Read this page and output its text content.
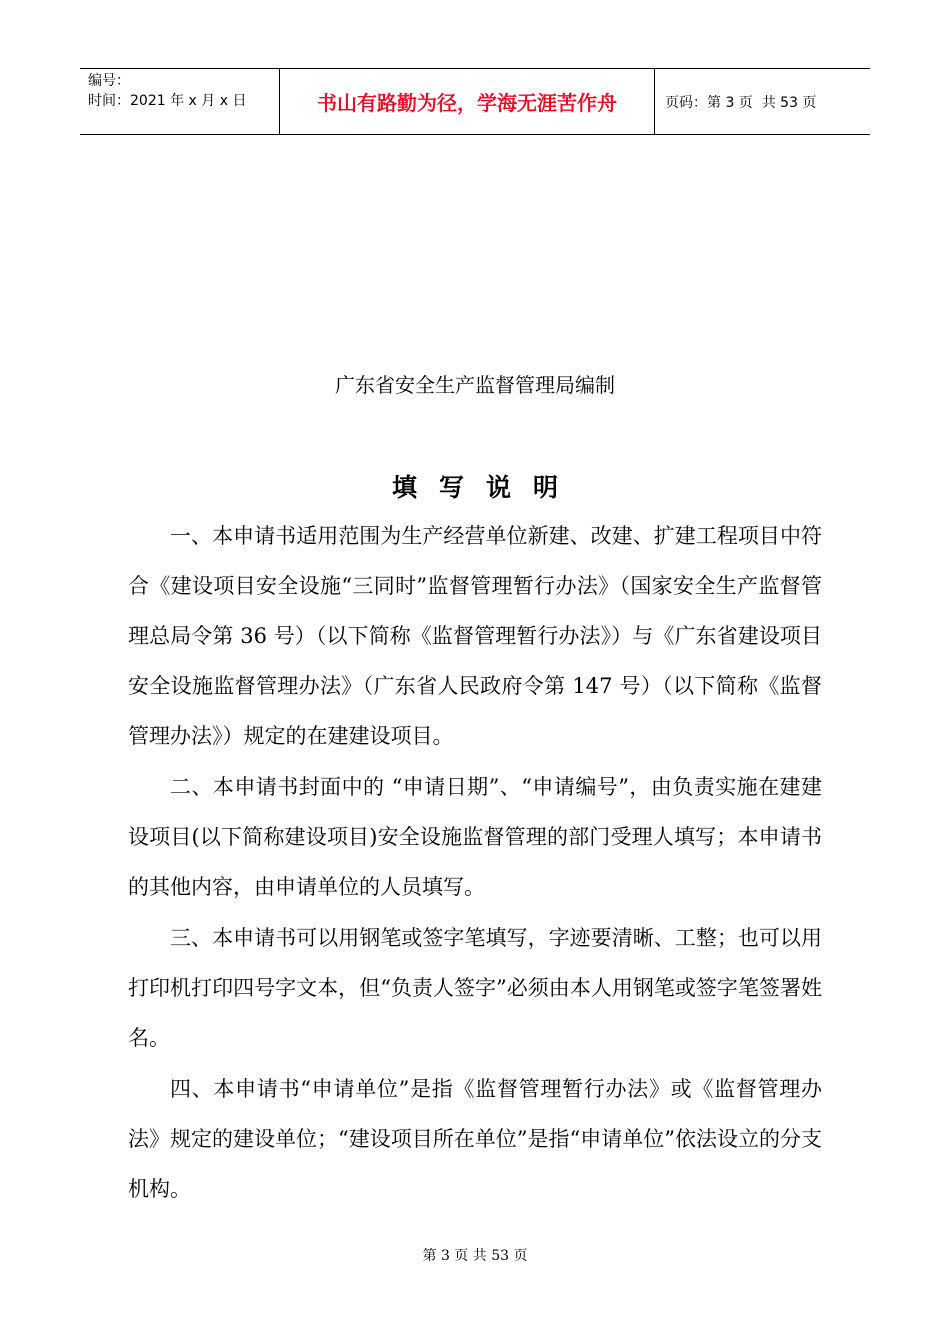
编号：
时间：2021 年 x 月 x 日	书山有路勤为径，学海无涯苦作舟	页码：第 3 页  共 53 页
广东省安全生产监督管理局编制
填写说明

一、本申请书适用范围为生产经营单位新建、改建、扩建工程项目中符合《建设项目安全设施“三同时”监督管理暂行办法》（国家安全生产监督管理总局令第 36 号）（以下简称《监督管理暂行办法》）与《广东省建设项目安全设施监督管理办法》（广东省人民政府令第 147 号）（以下简称《监督管理办法》）规定的在建建设项目。

二、本申请书封面中的 “申请日期”、“申请编号”，由负责实施在建建设项目(以下简称建设项目)安全设施监督管理的部门受理人填写；本申请书的其他内容，由申请单位的人员填写。

三、本申请书可以用钢笔或签字笔填写，字迹要清晰、工整；也可以用打印机打印四号字文本，但“负责人签字”必须由本人用钢笔或签字笔签署姓名。

四、本申请书“申请单位”是指《监督管理暂行办法》或《监督管理办法》规定的建设单位；“建设项目所在单位”是指“申请单位”依法设立的分支机构。

第 3 页 共 53 页
